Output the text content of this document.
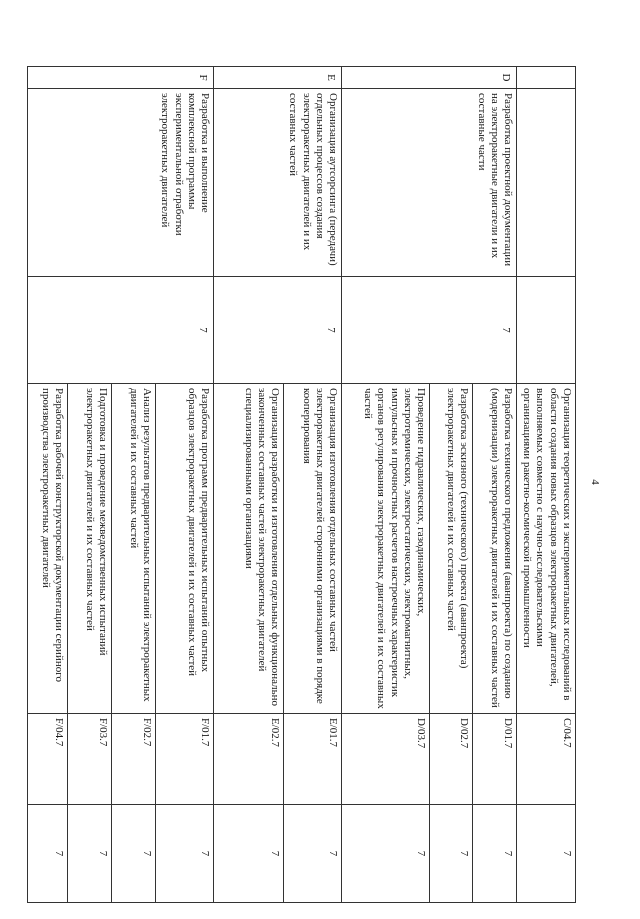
4
			Организация теоретических и экспериментальных исследований в области создания новых образцов электроракетных двигателей, выполняемых совместно с научно-исследовательскими организациями ракетно-космической промышленности	C/04.7	7
D	Разработка проектной документации на электроракетные двигатели и их составные части	7	Разработка технического предложения (аванпроекта) по созданию (модернизации) электроракетных двигателей и их составных частей	D/01.7	7
			Разработка эскизного (технического) проекта (аванпроекта) электроракетных двигателей и их составных частей	D/02.7	7
			Проведение гидравлических, газодинамических, электротермических, электростатических, электромагнитных, импульсных и прочностных расчетов настроечных характеристик органов регулирования электроракетных двигателей и их составных частей	D/03.7	7
E	Организация аутсорсинга (передачи) отдельных процессов создания электроракетных двигателей и их составных частей	7	Организация изготовления отдельных составных частей электроракетных двигателей сторонними организациями в порядке кооперирования	E/01.7	7
			Организация разработки и изготовления отдельных функционально законченных составных частей электроракетных двигателей специализированными организациями	E/02.7	7
F	Разработка и выполнение комплексной программы экспериментальной отработки электроракетных двигателей	7	Разработка программ предварительных испытаний опытных образцов электроракетных двигателей и их составных частей	F/01.7	7
			Анализ результатов предварительных испытаний электроракетных двигателей и их составных частей	F/02.7	7
			Подготовка и проведение межведомственных испытаний электроракетных двигателей и их составных частей	F/03.7	7
			Разработка рабочей конструкторской документации серийного производства электроракетных двигателей	F/04.7	7
